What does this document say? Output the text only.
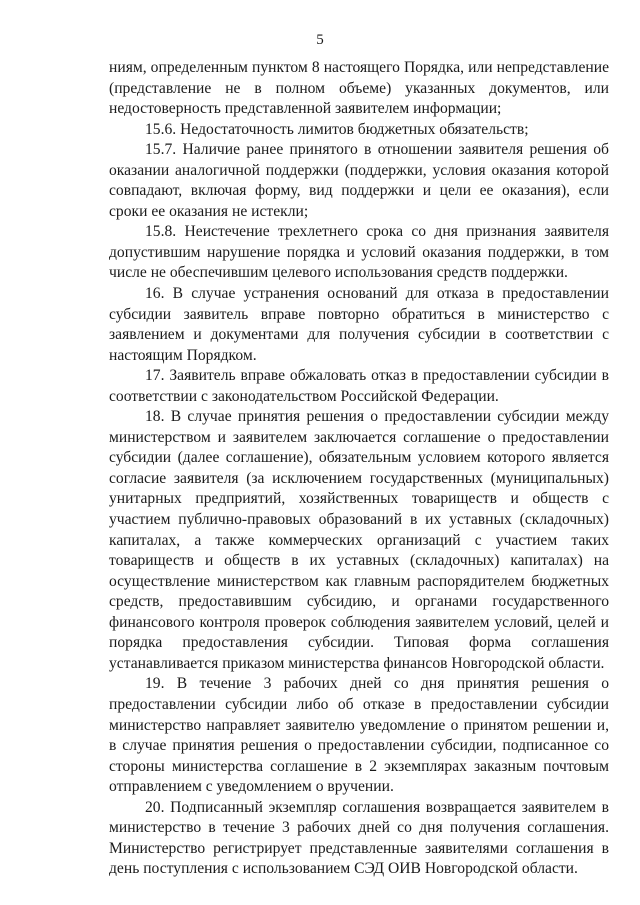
5

ниям, определенным пунктом 8 настоящего Порядка, или непредставление (представление не в полном объеме) указанных документов, или недостоверность представленной заявителем информации;

15.6. Недостаточность лимитов бюджетных обязательств;

15.7. Наличие ранее принятого в отношении заявителя решения об оказании аналогичной поддержки (поддержки, условия оказания которой совпадают, включая форму, вид поддержки и цели ее оказания), если сроки ее оказания не истекли;

15.8. Неистечение трехлетнего срока со дня признания заявителя допустившим нарушение порядка и условий оказания поддержки, в том числе не обеспечившим целевого использования средств поддержки.

16. В случае устранения оснований для отказа в предоставлении субсидии заявитель вправе повторно обратиться в министерство с заявлением и документами для получения субсидии в соответствии с настоящим Порядком.

17. Заявитель вправе обжаловать отказ в предоставлении субсидии в соответствии с законодательством Российской Федерации.

18. В случае принятия решения о предоставлении субсидии между министерством и заявителем заключается соглашение о предоставлении субсидии (далее соглашение), обязательным условием которого является согласие заявителя (за исключением государственных (муниципальных) унитарных предприятий, хозяйственных товариществ и обществ с участием публично-правовых образований в их уставных (складочных) капиталах, а также коммерческих организаций с участием таких товариществ и обществ в их уставных (складочных) капиталах) на осуществление министерством как главным распорядителем бюджетных средств, предоставившим субсидию, и органами государственного финансового контроля проверок соблюдения заявителем условий, целей и порядка предоставления субсидии. Типовая форма соглашения устанавливается приказом министерства финансов Новгородской области.

19. В течение 3 рабочих дней со дня принятия решения о предоставлении субсидии либо об отказе в предоставлении субсидии министерство направляет заявителю уведомление о принятом решении и, в случае принятия решения о предоставлении субсидии, подписанное со стороны министерства соглашение в 2 экземплярах заказным почтовым отправлением с уведомлением о вручении.

20. Подписанный экземпляр соглашения возвращается заявителем в министерство в течение 3 рабочих дней со дня получения соглашения. Министерство регистрирует представленные заявителями соглашения в день поступления с использованием СЭД ОИВ Новгородской области.
